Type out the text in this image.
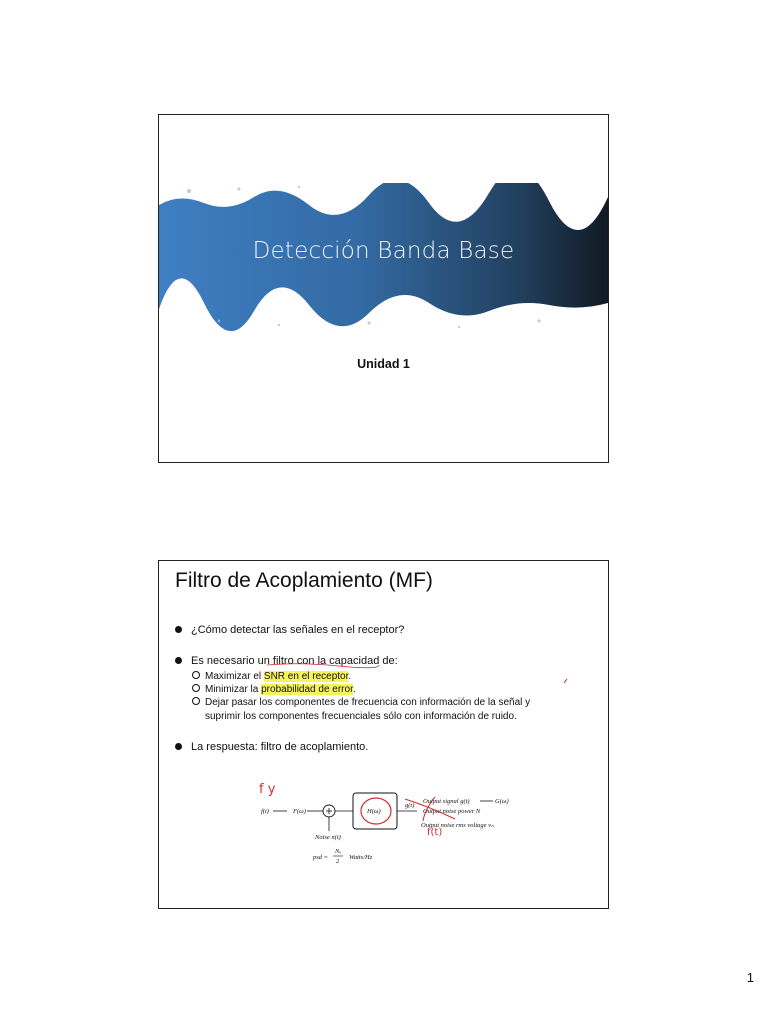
Detección Banda Base
Unidad 1
Filtro de Acoplamiento (MF)
¿Cómo detectar las señales en el receptor?
Es necesario un filtro con la capacidad de:
Maximizar el SNR en el receptor.
Minimizar la probabilidad de error.
Dejar pasar los componentes de frecuencia con información de la señal y
suprimir los componentes frecuenciales sólo con información de ruido.
La respuesta: filtro de acoplamiento.
f(t)	F(ω)	H(ω)
g(t)
Output signal g(t)	G(ω)
Output noise power N
Output noise rms voltage vₙ
Noise n(t)
psd =
Nₒ
2
Watts/Hz
f y
f(t)
1
